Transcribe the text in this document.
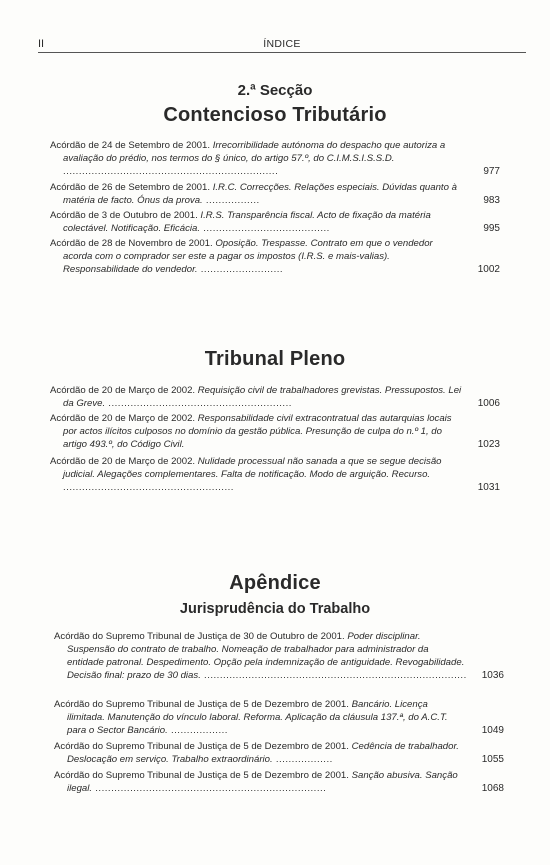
II	ÍNDICE
2.ª Secção
Contencioso Tributário
Acórdão de 24 de Setembro de 2001. Irrecorribilidade autónoma do despacho que autoriza a avaliação do prédio, nos termos do § único, do artigo 57.º, do C.I.M.S.I.S.S.D. ....................................................................	977
Acórdão de 26 de Setembro de 2001. I.R.C. Correcções. Relações especiais. Dúvidas quanto à matéria de facto. Ónus da prova. .................	983
Acórdão de 3 de Outubro de 2001. I.R.S. Transparência fiscal. Acto de fixação da matéria colectável. Notificação. Eficácia. ........................................	995
Acórdão de 28 de Novembro de 2001. Oposição. Trespasse. Contrato em que o vendedor acorda com o comprador ser este a pagar os impostos (I.R.S. e mais-valias). Responsabilidade do vendedor. ..........................	1002
Tribunal Pleno
Acórdão de 20 de Março de 2002. Requisição civil de trabalhadores grevistas. Pressupostos. Lei da Greve. ..........................................................	1006
Acórdão de 20 de Março de 2002. Responsabilidade civil extracontratual das autarquias locais por actos ilícitos culposos no domínio da gestão pública. Presunção de culpa do n.º 1, do artigo 493.º, do Código Civil.	1023
Acórdão de 20 de Março de 2002. Nulidade processual não sanada a que se segue decisão judicial. Alegações complementares. Falta de notificação. Modo de arguição. Recurso. ......................................................	1031
Apêndice
Jurisprudência do Trabalho
Acórdão do Supremo Tribunal de Justiça de 30 de Outubro de 2001. Poder disciplinar. Suspensão do contrato de trabalho. Nomeação de trabalhador para administrador da entidade patronal. Despedimento. Opção pela indemnização de antiguidade. Revogabilidade. Decisão final: prazo de 30 dias. ................................................................................... 1036
Acórdão do Supremo Tribunal de Justiça de 5 de Dezembro de 2001. Bancário. Licença ilimitada. Manutenção do vínculo laboral. Reforma. Aplicação da cláusula 137.ª, do A.C.T. para o Sector Bancário. ..................	1049
Acórdão do Supremo Tribunal de Justiça de 5 de Dezembro de 2001. Cedência de trabalhador. Deslocação em serviço. Trabalho extraordinário. ..................	1055
Acórdão do Supremo Tribunal de Justiça de 5 de Dezembro de 2001. Sanção abusiva. Sanção ilegal. .........................................................................	1068
